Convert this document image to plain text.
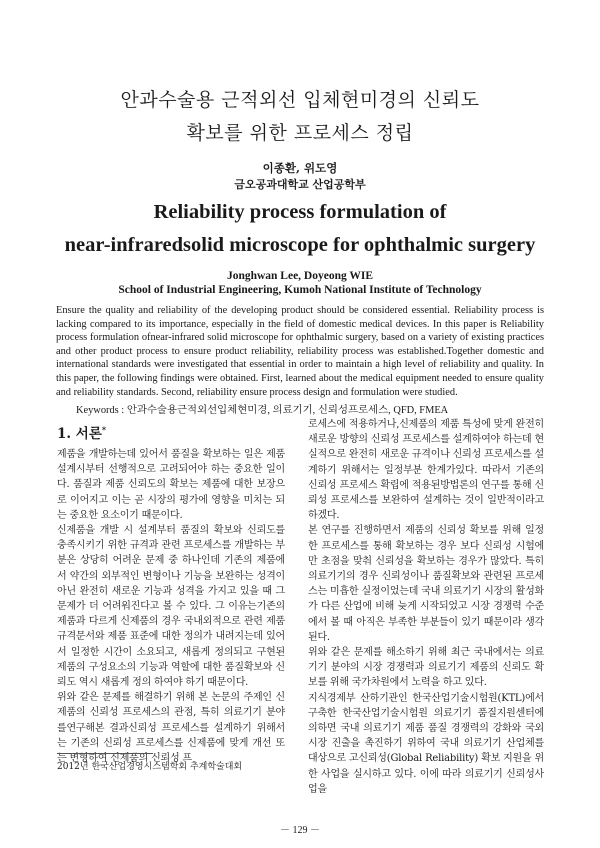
안과수술용 근적외선 입체현미경의 신뢰도
확보를 위한 프로세스 정립
이종환, 위도영
금오공과대학교 산업공학부
Reliability process formulation of
near-infraredsolid microscope for ophthalmic surgery
Jonghwan Lee, Doyeong WIE
School of Industrial Engineering, Kumoh National Institute of Technology
Ensure the quality and reliability of the developing product should be considered essential. Reliability process is lacking compared to its importance, especially in the field of domestic medical devices. In this paper is Reliability process formulation ofnear-infrared solid microscope for ophthalmic surgery, based on a variety of existing practices and other product process to ensure product reliability, reliability process was established.Together domestic and international standards were investigated that essential in order to maintain a high level of reliability and quality. In this paper, the following findings were obtained. First, learned about the medical equipment needed to ensure quality and reliability standards. Second, reliability ensure process design and formulation were studied.
Keywords : 안과수술용근적외선입체현미경, 의료기기, 신뢰성프로세스, QFD, FMEA
1. 서론*

제품을 개발하는데 있어서 품질을 확보하는 일은 제품설계시부터 선행적으로 고려되어야 하는 중요한 일이다. 품질과 제품 신뢰도의 확보는 제품에 대한 보장으로 이어지고 이는 곧 시장의 평가에 영향을 미치는 되는 중요한 요소이기 때문이다.

신제품을 개발 시 설계부터 품질의 확보와 신뢰도를 충족시키기 위한 규격과 관련 프로세스를 개발하는 부분은 상당히 어려운 문제 중 하나인데 기존의 제품에서 약간의 외부적인 변형이나 기능을 보완하는 성격이 아닌 완전히 새로운 기능과 성격을 가지고 있을 때 그 문제가 더 어려워진다고 볼 수 있다. 그 이유는기존의 제품과 다르게 신제품의 경우 국내외적으로 관련 제품규격문서와 제품 표준에 대한 정의가 내려지는데 있어서 일정한 시간이 소요되고, 새롭게 정의되고 구현된 제품의 구성요소의 기능과 역할에 대한 품질확보와 신뢰도 역시 새롭게 정의 하여야 하기 때문이다.

위와 같은 문제를 해결하기 위해 본 논문의 주제인 신제품의 신뢰성 프로세스의 관점, 특히 의료기기 분야를연구해본 결과신뢰성 프로세스를 설계하기 위해서는 기존의 신뢰성 프로세스를 신제품에 맞게 개선 또는 변형하여 신제품의 신뢰성 프

로세스에 적용하거나,신제품의 제품 특성에 맞게 완전히 새로운 방향의 신뢰성 프로세스를 설계하여야 하는데 현실적으로 완전히 새로운 규격이나 신뢰성 프로세스를 설계하기 위해서는 일정부분 한계가있다. 따라서 기존의 신뢰성 프로세스 확립에 적용된방법론의 연구를 통해 신뢰성 프로세스를 보완하여 설계하는 것이 일반적이라고 하겠다.

본 연구를 진행하면서 제품의 신뢰성 확보를 위해 일정한 프로세스를 통해 확보하는 경우 보다 신뢰성 시험에만 초점을 맞춰 신뢰성을 확보하는 경우가 많았다. 특히 의료기기의 경우 신뢰성이나 품질확보와 관련된 프로세스는 미흡한 실정이었는데 국내 의료기기 시장의 활성화가 다른 산업에 비해 늦게 시작되었고 시장 경쟁력 수준에서 볼 때 아직은 부족한 부분들이 있기 때문이라 생각된다.

위와 같은 문제를 해소하기 위해 최근 국내에서는 의료기기 분야의 시장 경쟁력과 의료기기 제품의 신뢰도 확보를 위해 국가차원에서 노력을 하고 있다.

지식경제부 산하기관인 한국산업기술시험원(KTL)에서 구축한 한국산업기술시험원 의료기기 품질지원센터에 의하면 국내 의료기기 제품 품질 경쟁력의 강화와 국외시장 진출을 촉진하기 위하여 국내 의료기기 산업체를 대상으로 고신뢰성(Global Reliability) 확보 지원을 위한 사업을 실시하고 있다. 이에 따라 의료기기 신뢰성사업을

2012년 한국산업경영시스템학회 추계학술대회
－ 129 －
